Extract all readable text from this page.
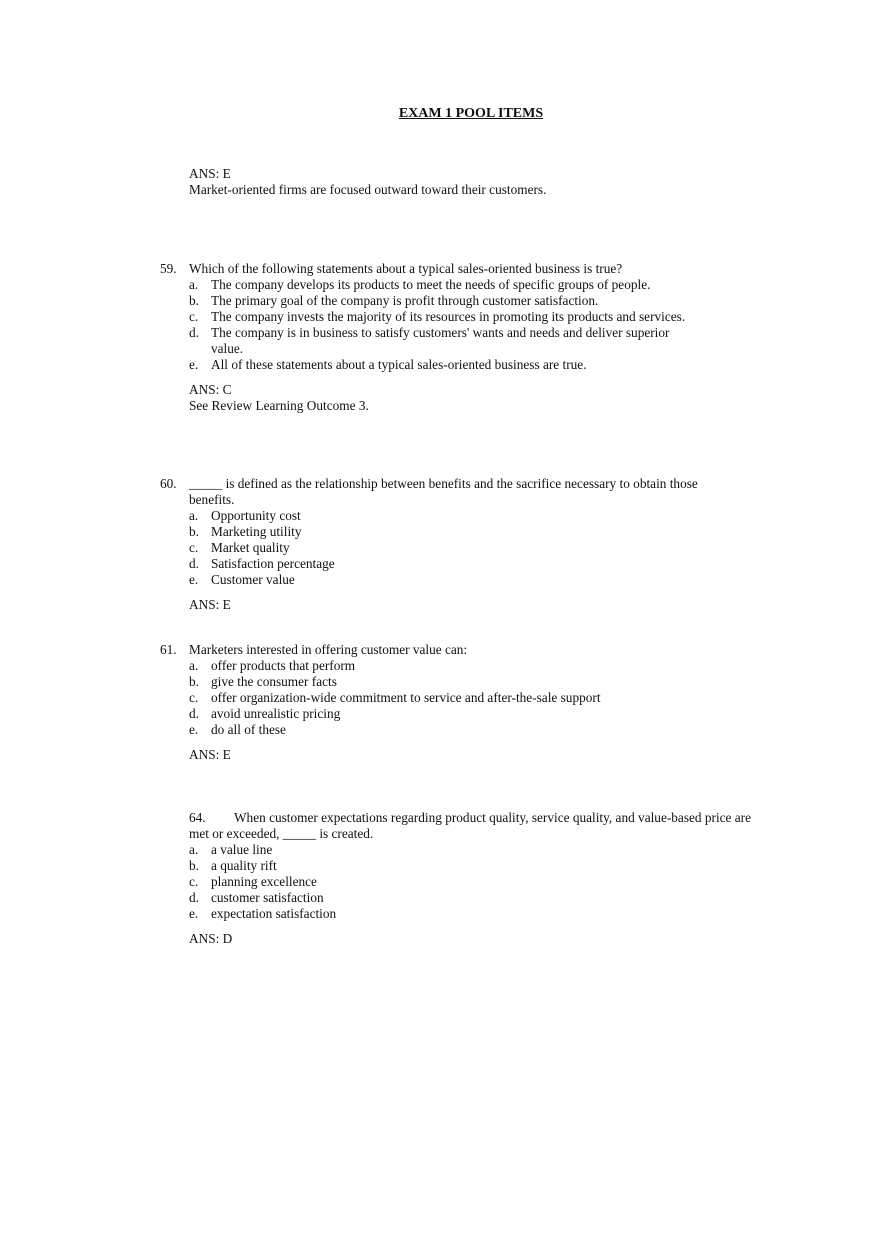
EXAM 1 POOL ITEMS
ANS: E
Market-oriented firms are focused outward toward their customers.
59. Which of the following statements about a typical sales-oriented business is true?
a. The company develops its products to meet the needs of specific groups of people.
b. The primary goal of the company is profit through customer satisfaction.
c. The company invests the majority of its resources in promoting its products and services.
d. The company is in business to satisfy customers' wants and needs and deliver superior value.
e. All of these statements about a typical sales-oriented business are true.
ANS: C
See Review Learning Outcome 3.
60. _____ is defined as the relationship between benefits and the sacrifice necessary to obtain those benefits.
a. Opportunity cost
b. Marketing utility
c. Market quality
d. Satisfaction percentage
e. Customer value
ANS: E
61. Marketers interested in offering customer value can:
a. offer products that perform
b. give the consumer facts
c. offer organization-wide commitment to service and after-the-sale support
d. avoid unrealistic pricing
e. do all of these
ANS: E
64. When customer expectations regarding product quality, service quality, and value-based price are met or exceeded, _____ is created.
a. a value line
b. a quality rift
c. planning excellence
d. customer satisfaction
e. expectation satisfaction
ANS: D
